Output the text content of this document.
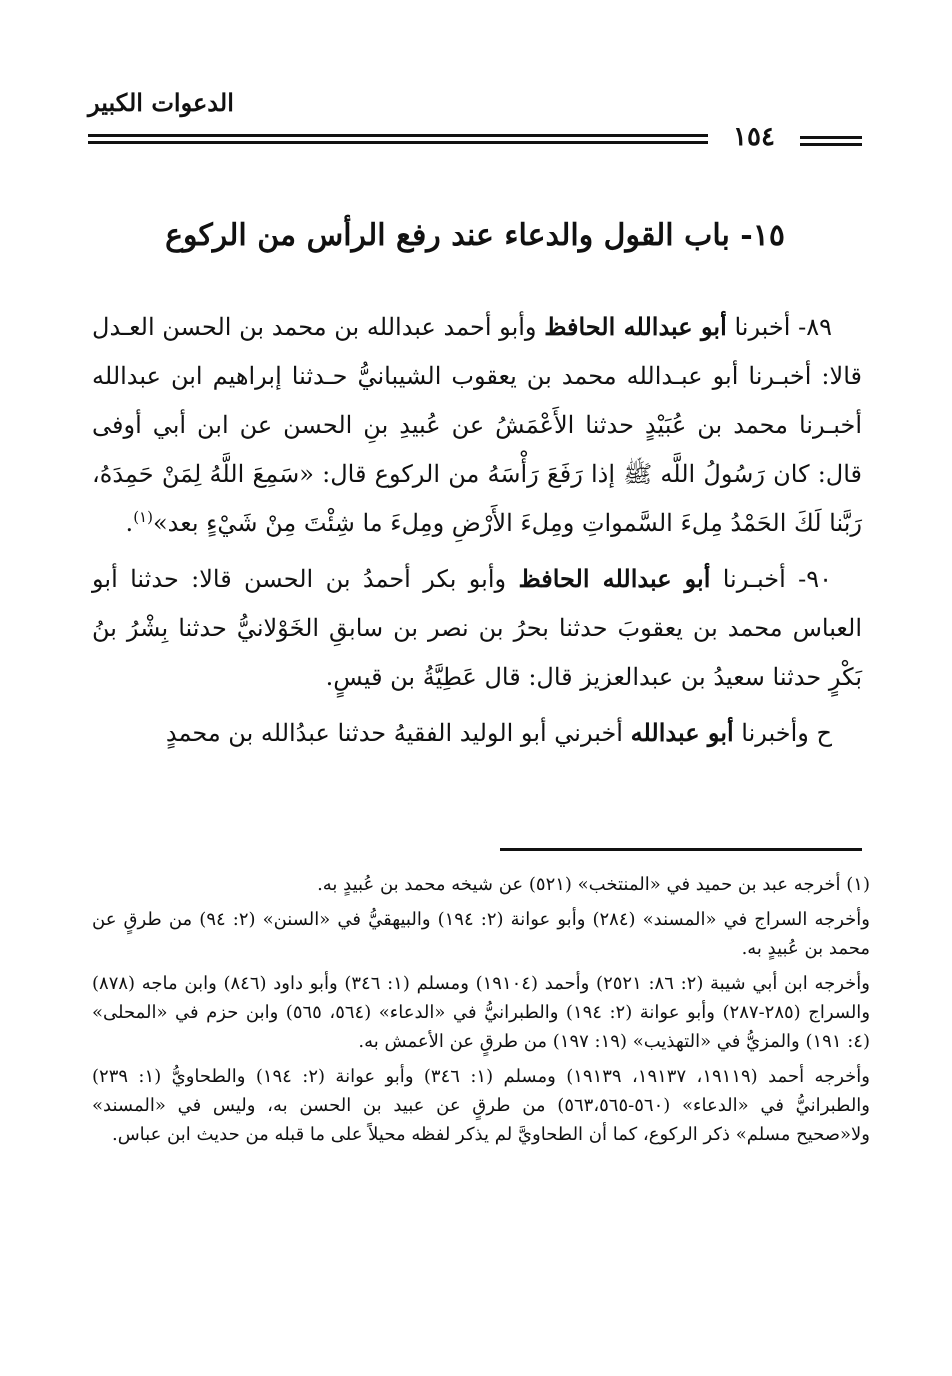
الدعوات الكبير
١٥٤
١٥- باب القول والدعاء عند رفع الرأس من الركوع

٨٩- أخبرنا أبو عبدالله الحافظ وأبو أحمد عبدالله بن محمد بن الحسن العـدل قالا: أخبـرنا أبو عبـدالله محمد بن يعقوب الشيبانيُّ حـدثنا إبراهيم ابن عبدالله أخبـرنا محمد بن عُبَيْدٍ حدثنا الأَعْمَشُ عن عُبيدِ بنِ الحسن عن ابن أبي أوفى قال: كان رَسُولُ اللَّه ﷺ إذا رَفَعَ رَأْسَهُ من الركوع قال: «سَمِعَ اللَّهُ لِمَنْ حَمِدَهُ، رَبَّنا لَكَ الحَمْدُ مِلءَ السَّمواتِ ومِلءَ الأَرْضِ ومِلءَ ما شِئْتَ مِنْ شَيْءٍ بعد»$^{(١)}$.

٩٠- أخبـرنا أبو عبدالله الحافظ وأبو بكر أحمدُ بن الحسن قالا: حدثنا أبو العباس محمد بن يعقوبَ حدثنا بحرُ بن نصر بن سابقِ الخَوْلانيُّ حدثنا بِشْرُ بنُ بَكْرٍ حدثنا سعيدُ بن عبدالعزيز قال: قال عَطِيَّةُ بن قيسٍ.

ح وأخبرنا أبو عبدالله أخبرني أبو الوليد الفقيهُ حدثنا عبدُالله بن محمدٍ

(١) أخرجه عبد بن حميد في «المنتخب» (٥٢١) عن شيخه محمد بن عُبيدٍ به.

وأخرجه السراج في «المسند» (٢٨٤) وأبو عوانة (٢: ١٩٤) والبيهقيُّ في «السنن» (٢: ٩٤) من طرقٍ عن محمد بن عُبيدٍ به.

وأخرجه ابن أبي شيبة (٢: ٨٦: ٢٥٢١) وأحمد (١٩١٠٤) ومسلم (١: ٣٤٦) وأبو داود (٨٤٦) وابن ماجه (٨٧٨) والسراج (٢٨٥-٢٨٧) وأبو عوانة (٢: ١٩٤) والطبرانيُّ في «الدعاء» (٥٦٤، ٥٦٥) وابن حزم في «المحلى» (٤: ١٩١) والمزيُّ في «التهذيب» (١٩: ١٩٧) من طرقٍ عن الأعمش به.

وأخرجه أحمد (١٩١١٩، ١٩١٣٧، ١٩١٣٩) ومسلم (١: ٣٤٦) وأبو عوانة (٢: ١٩٤) والطحاويُّ (١: ٢٣٩) والطبرانيُّ في «الدعاء» (٥٦٠-٥٦٣،٥٦٥) من طرقٍ عن عبيد بن الحسن به، وليس في «المسند» ولا«صحيح مسلم» ذكر الركوع، كما أن الطحاويَّ لم يذكر لفظه محيلاً على ما قبله من حديث ابن عباس.
